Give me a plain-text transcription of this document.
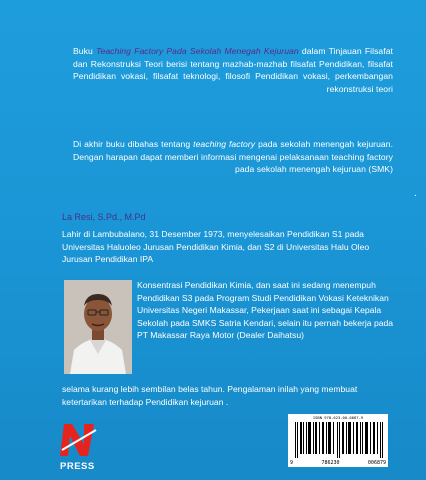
Buku Teaching Factory Pada Sekolah Menegah Kejuruan dalam Tinjauan Filsafat dan Rekonstruksi Teori berisi tentang mazhab-mazhab filsafat Pendidikan, filsafat Pendidikan vokasi, filsafat teknologi, filosofi Pendidikan vokasi, perkembangan rekonstruksi teori
Di akhir buku dibahas tentang teaching factory pada sekolah menengah kejuruan. Dengan harapan dapat memberi informasi mengenai pelaksanaan teaching factory pada sekolah menengah kejuruan (SMK)
.
La Resi, S.Pd., M.Pd
Lahir di Lambubalano, 31 Desember 1973, menyelesaikan Pendidikan S1 pada Universitas Haluoleo Jurusan Pendidikan Kimia, dan S2 di Universitas Halu Oleo Jurusan Pendidikan IPA
Konsentrasi Pendidikan Kimia, dan saat ini sedang menempuh Pendidikan S3 pada Program Studi Pendidikan Vokasi Keteknikan Universitas Negeri Makassar, Pekerjaan saat ini sebagai Kepala Sekolah pada SMKS Satria Kendari, selain itu pernah bekerja pada PT Makassar Raya Motor (Dealer Daihatsu)
selama kurang lebih sembilan belas tahun. Pengalaman inilah yang membuat ketertarikan terhadap Pendidikan kejuruan .
PRESS
ISBN 978-623-00-0687-9
9	786230	006879
